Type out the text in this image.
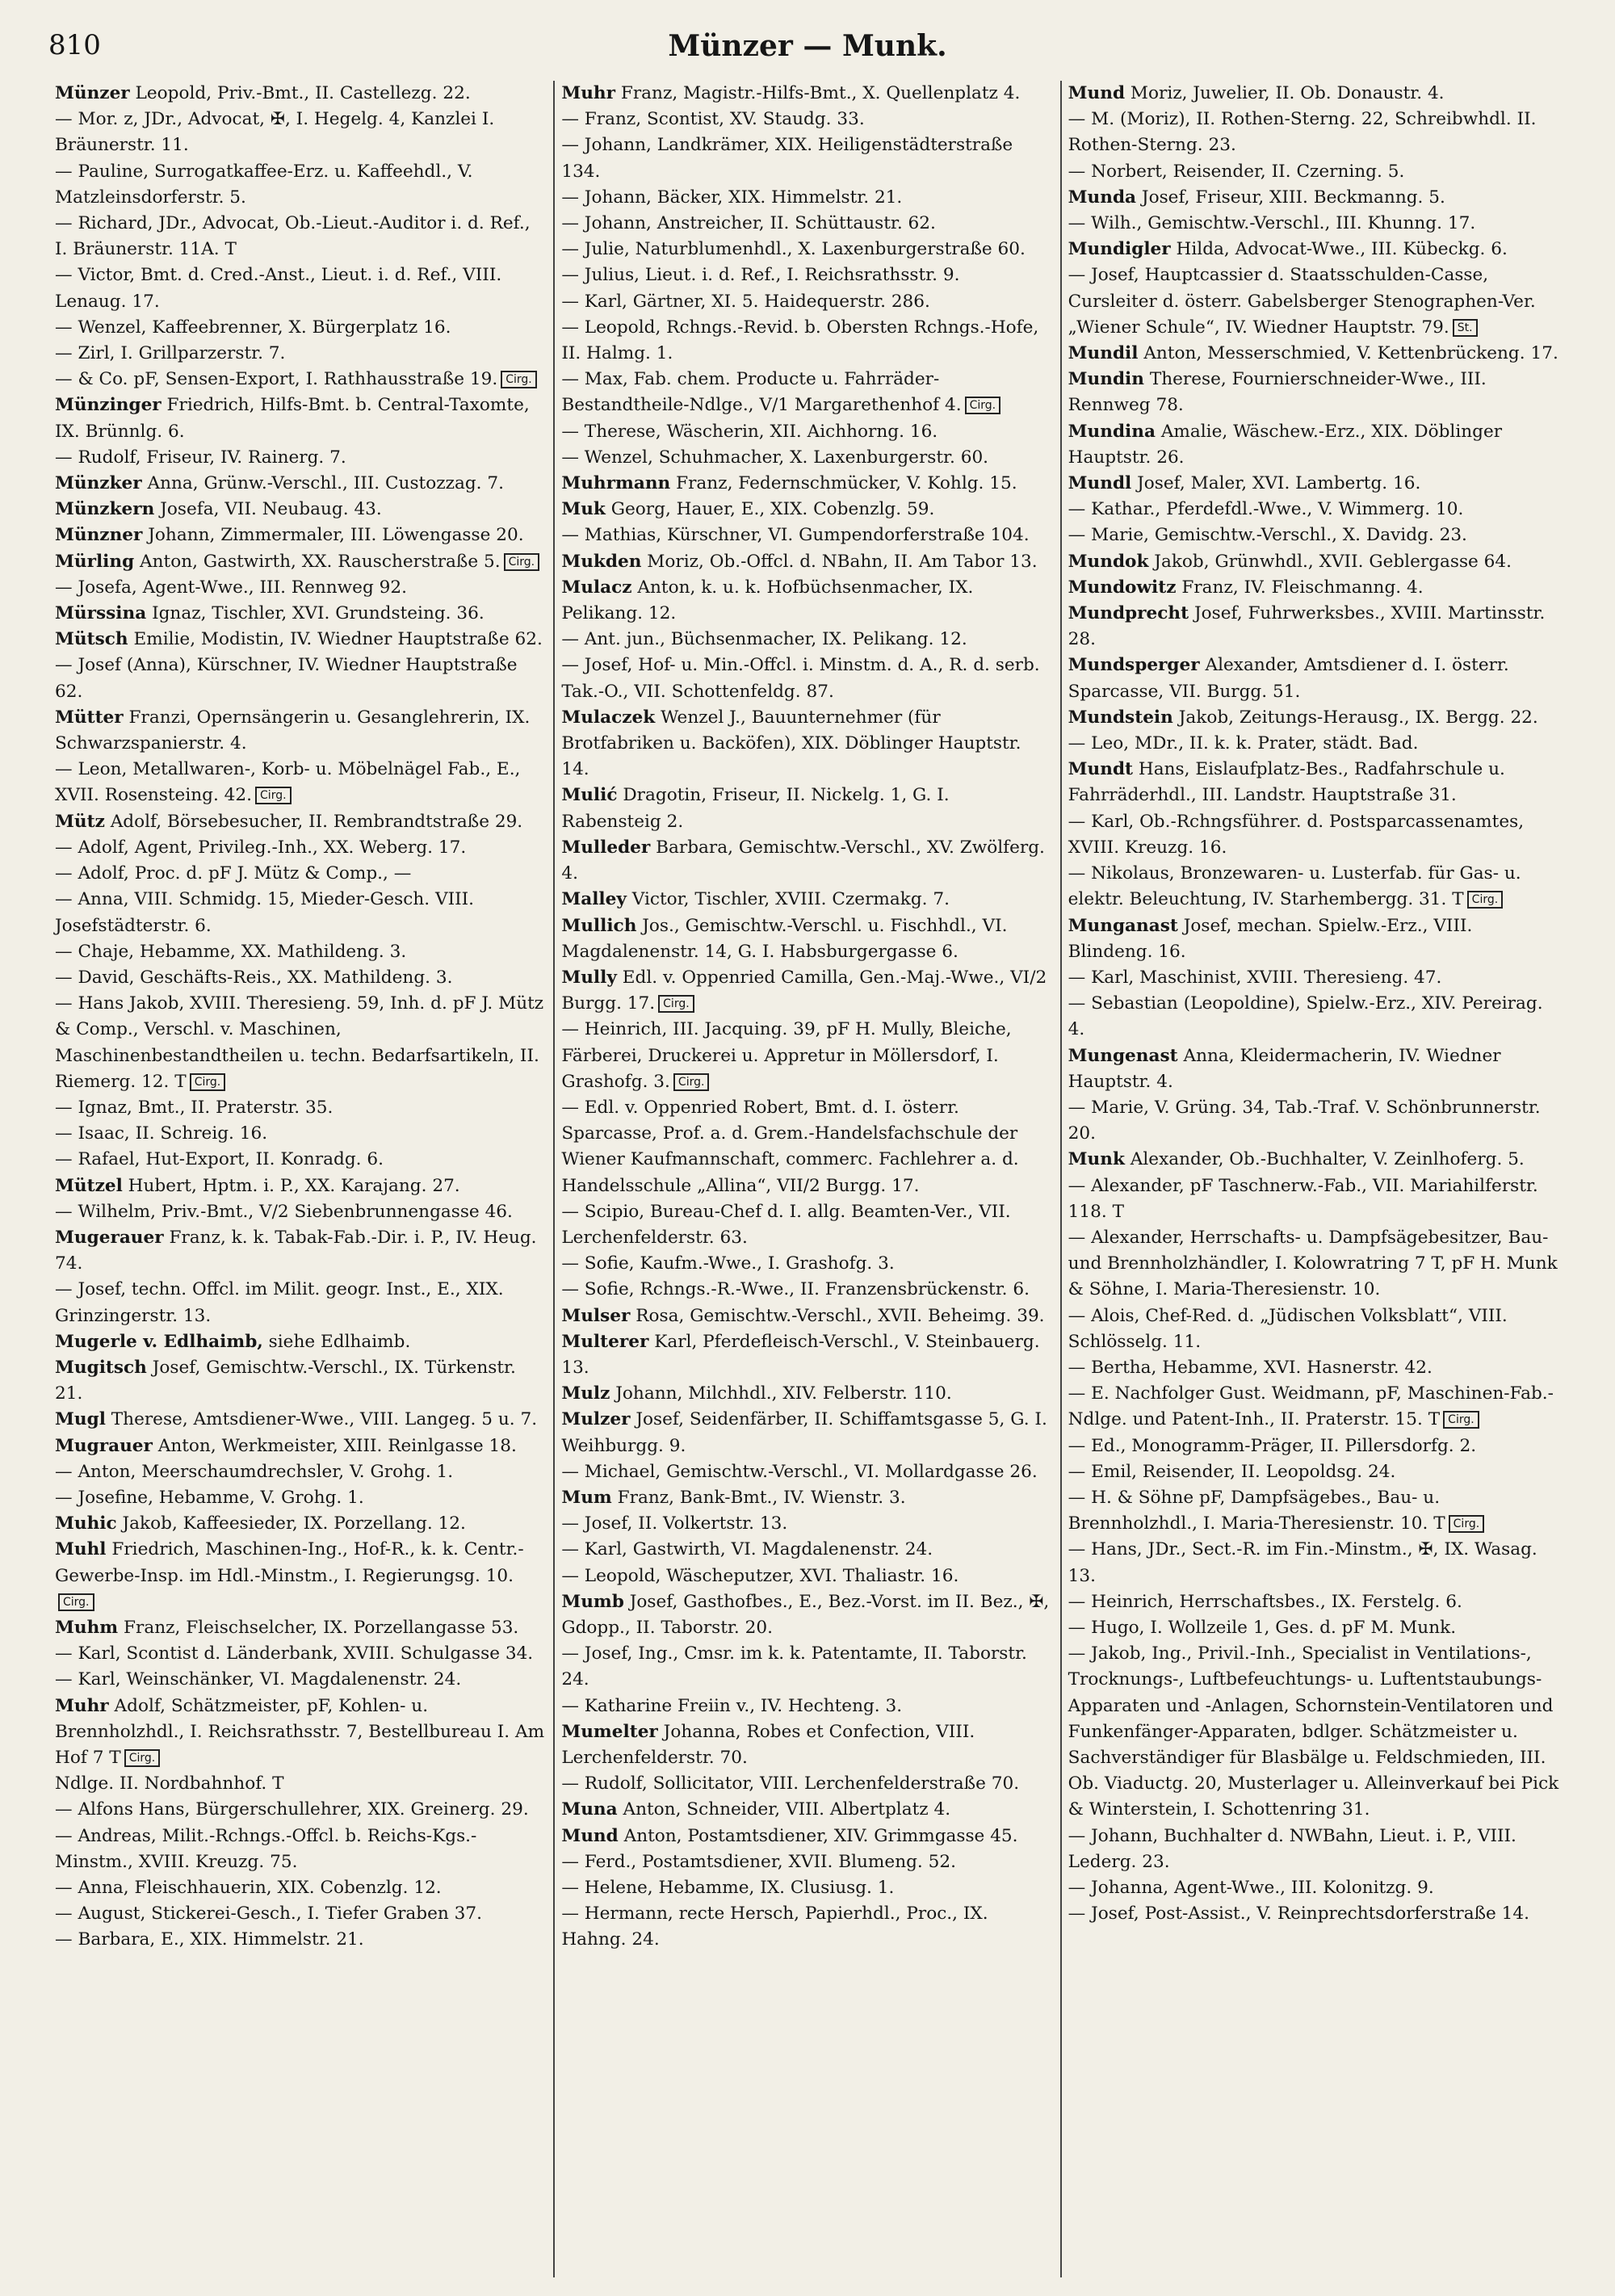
810	Münzer — Munk.

Münzer Leopold, Priv.-Bmt., II. Castellezg. 22.

— Mor. z, JDr., Advocat, ✠, I. Hegelg. 4, Kanzlei I. Bräunerstr. 11.

— Pauline, Surrogatkaffee-Erz. u. Kaffeehdl., V. Matzleinsdorferstr. 5.

— Richard, JDr., Advocat, Ob.-Lieut.-Auditor i. d. Ref., I. Bräunerstr. 11A. T

— Victor, Bmt. d. Cred.-Anst., Lieut. i. d. Ref., VIII. Lenaug. 17.

— Wenzel, Kaffeebrenner, X. Bürgerplatz 16.

— Zirl, I. Grillparzerstr. 7.

— & Co. pF, Sensen-Export, I. Rathhausstraße 19. Cirg.

Münzinger Friedrich, Hilfs-Bmt. b. Central-Taxomte, IX. Brünnlg. 6.

— Rudolf, Friseur, IV. Rainerg. 7.

Münzker Anna, Grünw.-Verschl., III. Custozzag. 7.

Münzkern Josefa, VII. Neubaug. 43.

Münzner Johann, Zimmermaler, III. Löwengasse 20.

Mürling Anton, Gastwirth, XX. Rauscherstraße 5. Cirg.

— Josefa, Agent-Wwe., III. Rennweg 92.

Mürssina Ignaz, Tischler, XVI. Grundsteing. 36.

Mütsch Emilie, Modistin, IV. Wiedner Hauptstraße 62.

— Josef (Anna), Kürschner, IV. Wiedner Hauptstraße 62.

Mütter Franzi, Opernsängerin u. Gesanglehrerin, IX. Schwarzspanierstr. 4.

— Leon, Metallwaren-, Korb- u. Möbelnägel Fab., E., XVII. Rosensteing. 42. Cirg.

Mütz Adolf, Börsebesucher, II. Rembrandtstraße 29.

— Adolf, Agent, Privileg.-Inh., XX. Weberg. 17.

— Adolf, Proc. d. pF J. Mütz & Comp., —

— Anna, VIII. Schmidg. 15, Mieder-Gesch. VIII. Josefstädterstr. 6.

— Chaje, Hebamme, XX. Mathildeng. 3.

— David, Geschäfts-Reis., XX. Mathildeng. 3.

— Hans Jakob, XVIII. Theresieng. 59, Inh. d. pF J. Mütz & Comp., Verschl. v. Maschinen, Maschinenbestandtheilen u. techn. Bedarfsartikeln, II. Riemerg. 12. T Cirg.

— Ignaz, Bmt., II. Praterstr. 35.

— Isaac, II. Schreig. 16.

— Rafael, Hut-Export, II. Konradg. 6.

Mützel Hubert, Hptm. i. P., XX. Karajang. 27.

— Wilhelm, Priv.-Bmt., V/2 Siebenbrunnengasse 46.

Mugerauer Franz, k. k. Tabak-Fab.-Dir. i. P., IV. Heug. 74.

— Josef, techn. Offcl. im Milit. geogr. Inst., E., XIX. Grinzingerstr. 13.

Mugerle v. Edlhaimb, siehe Edlhaimb.

Mugitsch Josef, Gemischtw.-Verschl., IX. Türkenstr. 21.

Mugl Therese, Amtsdiener-Wwe., VIII. Langeg. 5 u. 7.

Mugrauer Anton, Werkmeister, XIII. Reinlgasse 18.

— Anton, Meerschaumdrechsler, V. Grohg. 1.

— Josefine, Hebamme, V. Grohg. 1.

Muhic Jakob, Kaffeesieder, IX. Porzellang. 12.

Muhl Friedrich, Maschinen-Ing., Hof-R., k. k. Centr.-Gewerbe-Insp. im Hdl.-Minstm., I. Regierungsg. 10.Cirg.

Muhm Franz, Fleischselcher, IX. Porzellangasse 53.

— Karl, Scontist d. Länderbank, XVIII. Schulgasse 34.

— Karl, Weinschänker, VI. Magdalenenstr. 24.

Muhr Adolf, Schätzmeister, pF, Kohlen- u. Brennholzhdl., I. Reichsrathsstr. 7, Bestellbureau I. Am Hof 7 T Cirg.

Ndlge. II. Nordbahnhof. T

— Alfons Hans, Bürgerschullehrer, XIX. Greinerg. 29.

— Andreas, Milit.-Rchngs.-Offcl. b. Reichs-Kgs.-Minstm., XVIII. Kreuzg. 75.

— Anna, Fleischhauerin, XIX. Cobenzlg. 12.

— August, Stickerei-Gesch., I. Tiefer Graben 37.

— Barbara, E., XIX. Himmelstr. 21.

Muhr Franz, Magistr.-Hilfs-Bmt., X. Quellenplatz 4.

— Franz, Scontist, XV. Staudg. 33.

— Johann, Landkrämer, XIX. Heiligenstädterstraße 134.

— Johann, Bäcker, XIX. Himmelstr. 21.

— Johann, Anstreicher, II. Schüttaustr. 62.

— Julie, Naturblumenhdl., X. Laxenburgerstraße 60.

— Julius, Lieut. i. d. Ref., I. Reichsrathsstr. 9.

— Karl, Gärtner, XI. 5. Haidequerstr. 286.

— Leopold, Rchngs.-Revid. b. Obersten Rchngs.-Hofe, II. Halmg. 1.

— Max, Fab. chem. Producte u. Fahrräder-Bestandtheile-Ndlge., V/1 Margarethenhof 4. Cirg.

— Therese, Wäscherin, XII. Aichhorng. 16.

— Wenzel, Schuhmacher, X. Laxenburgerstr. 60.

Muhrmann Franz, Federnschmücker, V. Kohlg. 15.

Muk Georg, Hauer, E., XIX. Cobenzlg. 59.

— Mathias, Kürschner, VI. Gumpendorferstraße 104.

Mukden Moriz, Ob.-Offcl. d. NBahn, II. Am Tabor 13.

Mulacz Anton, k. u. k. Hofbüchsenmacher, IX. Pelikang. 12.

— Ant. jun., Büchsenmacher, IX. Pelikang. 12.

— Josef, Hof- u. Min.-Offcl. i. Minstm. d. A., R. d. serb. Tak.-O., VII. Schottenfeldg. 87.

Mulaczek Wenzel J., Bauunternehmer (für Brotfabriken u. Backöfen), XIX. Döblinger Hauptstr. 14.

Mulić Dragotin, Friseur, II. Nickelg. 1, G. I. Rabensteig 2.

Mulleder Barbara, Gemischtw.-Verschl., XV. Zwölferg. 4.

Malley Victor, Tischler, XVIII. Czermakg. 7.

Mullich Jos., Gemischtw.-Verschl. u. Fischhdl., VI. Magdalenenstr. 14, G. I. Habsburgergasse 6.

Mully Edl. v. Oppenried Camilla, Gen.-Maj.-Wwe., VI/2 Burgg. 17. Cirg.

— Heinrich, III. Jacquing. 39, pF H. Mully, Bleiche, Färberei, Druckerei u. Appretur in Möllersdorf, I. Grashofg. 3. Cirg.

— Edl. v. Oppenried Robert, Bmt. d. I. österr. Sparcasse, Prof. a. d. Grem.-Handelsfachschule der Wiener Kaufmannschaft, commerc. Fachlehrer a. d. Handelsschule „Allina“, VII/2 Burgg. 17.

— Scipio, Bureau-Chef d. I. allg. Beamten-Ver., VII. Lerchenfelderstr. 63.

— Sofie, Kaufm.-Wwe., I. Grashofg. 3.

— Sofie, Rchngs.-R.-Wwe., II. Franzensbrückenstr. 6.

Mulser Rosa, Gemischtw.-Verschl., XVII. Beheimg. 39.

Multerer Karl, Pferdefleisch-Verschl., V. Steinbauerg. 13.

Mulz Johann, Milchhdl., XIV. Felberstr. 110.

Mulzer Josef, Seidenfärber, II. Schiffamtsgasse 5, G. I. Weihburgg. 9.

— Michael, Gemischtw.-Verschl., VI. Mollardgasse 26.

Mum Franz, Bank-Bmt., IV. Wienstr. 3.

— Josef, II. Volkertstr. 13.

— Karl, Gastwirth, VI. Magdalenenstr. 24.

— Leopold, Wäscheputzer, XVI. Thaliastr. 16.

Mumb Josef, Gasthofbes., E., Bez.-Vorst. im II. Bez., ✠, Gdopp., II. Taborstr. 20.

— Josef, Ing., Cmsr. im k. k. Patentamte, II. Taborstr. 24.

— Katharine Freiin v., IV. Hechteng. 3.

Mumelter Johanna, Robes et Confection, VIII. Lerchenfelderstr. 70.

— Rudolf, Sollicitator, VIII. Lerchenfelderstraße 70.

Muna Anton, Schneider, VIII. Albertplatz 4.

Mund Anton, Postamtsdiener, XIV. Grimmgasse 45.

— Ferd., Postamtsdiener, XVII. Blumeng. 52.

— Helene, Hebamme, IX. Clusiusg. 1.

— Hermann, recte Hersch, Papierhdl., Proc., IX. Hahng. 24.

Mund Moriz, Juwelier, II. Ob. Donaustr. 4.

— M. (Moriz), II. Rothen-Sterng. 22, Schreibwhdl. II. Rothen-Sterng. 23.

— Norbert, Reisender, II. Czerning. 5.

Munda Josef, Friseur, XIII. Beckmanng. 5.

— Wilh., Gemischtw.-Verschl., III. Khunng. 17.

Mundigler Hilda, Advocat-Wwe., III. Kübeckg. 6.

— Josef, Hauptcassier d. Staatsschulden-Casse, Cursleiter d. österr. Gabelsberger Stenographen-Ver. „Wiener Schule“, IV. Wiedner Hauptstr. 79. St.

Mundil Anton, Messerschmied, V. Kettenbrückeng. 17.

Mundin Therese, Fournierschneider-Wwe., III. Rennweg 78.

Mundina Amalie, Wäschew.-Erz., XIX. Döblinger Hauptstr. 26.

Mundl Josef, Maler, XVI. Lambertg. 16.

— Kathar., Pferdefdl.-Wwe., V. Wimmerg. 10.

— Marie, Gemischtw.-Verschl., X. Davidg. 23.

Mundok Jakob, Grünwhdl., XVII. Geblergasse 64.

Mundowitz Franz, IV. Fleischmanng. 4.

Mundprecht Josef, Fuhrwerksbes., XVIII. Martinsstr. 28.

Mundsperger Alexander, Amtsdiener d. I. österr. Sparcasse, VII. Burgg. 51.

Mundstein Jakob, Zeitungs-Herausg., IX. Bergg. 22.

— Leo, MDr., II. k. k. Prater, städt. Bad.

Mundt Hans, Eislaufplatz-Bes., Radfahrschule u. Fahrräderhdl., III. Landstr. Hauptstraße 31.

— Karl, Ob.-Rchngsführer. d. Postsparcassenamtes, XVIII. Kreuzg. 16.

— Nikolaus, Bronzewaren- u. Lusterfab. für Gas- u. elektr. Beleuchtung, IV. Starhembergg. 31. T Cirg.

Munganast Josef, mechan. Spielw.-Erz., VIII. Blindeng. 16.

— Karl, Maschinist, XVIII. Theresieng. 47.

— Sebastian (Leopoldine), Spielw.-Erz., XIV. Pereirag. 4.

Mungenast Anna, Kleidermacherin, IV. Wiedner Hauptstr. 4.

— Marie, V. Grüng. 34, Tab.-Traf. V. Schönbrunnerstr. 20.

Munk Alexander, Ob.-Buchhalter, V. Zeinlhoferg. 5.

— Alexander, pF Taschnerw.-Fab., VII. Mariahilferstr. 118. T

— Alexander, Herrschafts- u. Dampfsägebesitzer, Bau- und Brennholzhändler, I. Kolowratring 7 T, pF H. Munk & Söhne, I. Maria-Theresienstr. 10.

— Alois, Chef-Red. d. „Jüdischen Volksblatt“, VIII. Schlösselg. 11.

— Bertha, Hebamme, XVI. Hasnerstr. 42.

— E. Nachfolger Gust. Weidmann, pF, Maschinen-Fab.-Ndlge. und Patent-Inh., II. Praterstr. 15. T Cirg.

— Ed., Monogramm-Präger, II. Pillersdorfg. 2.

— Emil, Reisender, II. Leopoldsg. 24.

— H. & Söhne pF, Dampfsägebes., Bau- u. Brennholzhdl., I. Maria-Theresienstr. 10. T Cirg.

— Hans, JDr., Sect.-R. im Fin.-Minstm., ✠, IX. Wasag. 13.

— Heinrich, Herrschaftsbes., IX. Ferstelg. 6.

— Hugo, I. Wollzeile 1, Ges. d. pF M. Munk.

— Jakob, Ing., Privil.-Inh., Specialist in Ventilations-, Trocknungs-, Luftbefeuchtungs- u. Luftentstaubungs-Apparaten und -Anlagen, Schornstein-Ventilatoren und Funkenfänger-Apparaten, bdlger. Schätzmeister u. Sachverständiger für Blasbälge u. Feldschmieden, III. Ob. Viaductg. 20, Musterlager u. Alleinverkauf bei Pick & Winterstein, I. Schottenring 31.

— Johann, Buchhalter d. NWBahn, Lieut. i. P., VIII. Lederg. 23.

— Johanna, Agent-Wwe., III. Kolonitzg. 9.

— Josef, Post-Assist., V. Reinprechtsdorferstraße 14.
